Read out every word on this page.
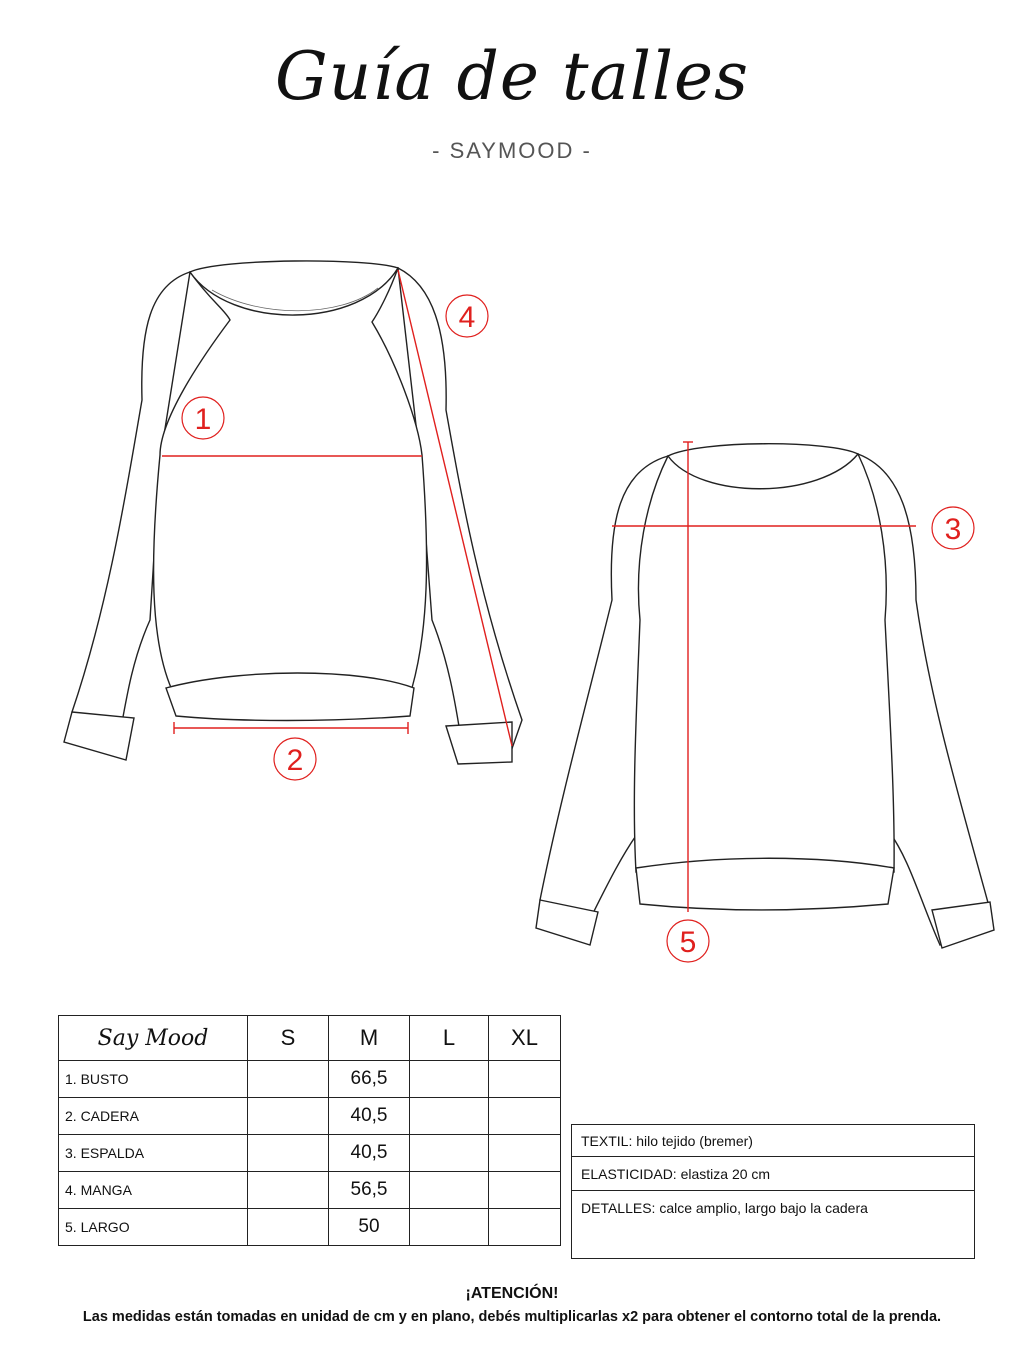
Guía de talles
- SAYMOOD -
1
2
3
4
5
Say Mood	S	M	L	XL
1. BUSTO		66,5		
2. CADERA		40,5		
3. ESPALDA		40,5		
4. MANGA		56,5		
5. LARGO		50		
TEXTIL: hilo tejido (bremer)
ELASTICIDAD: elastiza 20 cm
DETALLES: calce amplio, largo bajo la cadera
¡ATENCIÓN!
Las medidas están tomadas en unidad de cm y en plano, debés multiplicarlas x2 para obtener el contorno total de la prenda.
